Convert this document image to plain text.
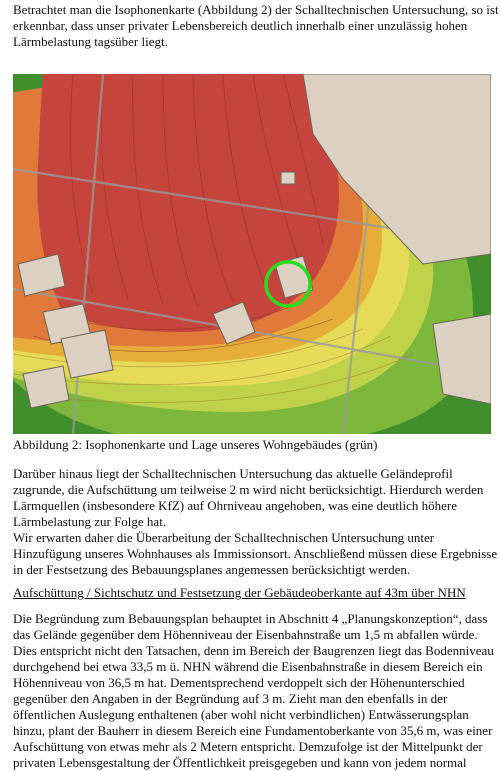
Betrachtet man die Isophonenkarte (Abbildung 2) der Schalltechnischen Untersuchung, so ist
erkennbar, dass unser privater Lebensbereich deutlich innerhalb einer unzulässig hohen
Lärmbelastung tagsüber liegt.

Abbildung 2: Isophonenkarte und Lage unseres Wohngebäudes (grün)

Darüber hinaus liegt der Schalltechnischen Untersuchung das aktuelle Geländeprofil
zugrunde, die Aufschüttung um teilweise 2 m wird nicht berücksichtigt. Hierdurch werden
Lärmquellen (insbesondere KfZ) auf Ohrniveau angehoben, was eine deutlich höhere
Lärmbelastung zur Folge hat.
Wir erwarten daher die Überarbeitung der Schalltechnischen Untersuchung unter
Hinzufügung unseres Wohnhauses als Immissionsort. Anschließend müssen diese Ergebnisse
in der Festsetzung des Bebauungsplanes angemessen berücksichtigt werden.

Aufschüttung / Sichtschutz und Festsetzung der Gebäudeoberkante auf 43m über NHN

Die Begründung zum Bebauungsplan behauptet in Abschnitt 4 „Planungskonzeption“, dass
das Gelände gegenüber dem Höhenniveau der Eisenbahnstraße um 1,5 m abfallen würde.
Dies entspricht nicht den Tatsachen, denn im Bereich der Baugrenzen liegt das Bodenniveau
durchgehend bei etwa 33,5 m ü. NHN während die Eisenbahnstraße in diesem Bereich ein
Höhenniveau von 36,5 m hat. Dementsprechend verdoppelt sich der Höhenunterschied
gegenüber den Angaben in der Begründung auf 3 m. Zieht man den ebenfalls in der
öffentlichen Auslegung enthaltenen (aber wohl nicht verbindlichen) Entwässerungsplan
hinzu, plant der Bauherr in diesem Bereich eine Fundamentoberkante von 35,6 m, was einer
Aufschüttung von etwas mehr als 2 Metern entspricht. Demzufolge ist der Mittelpunkt der
privaten Lebensgestaltung der Öffentlichkeit preisgegeben und kann von jedem normal
